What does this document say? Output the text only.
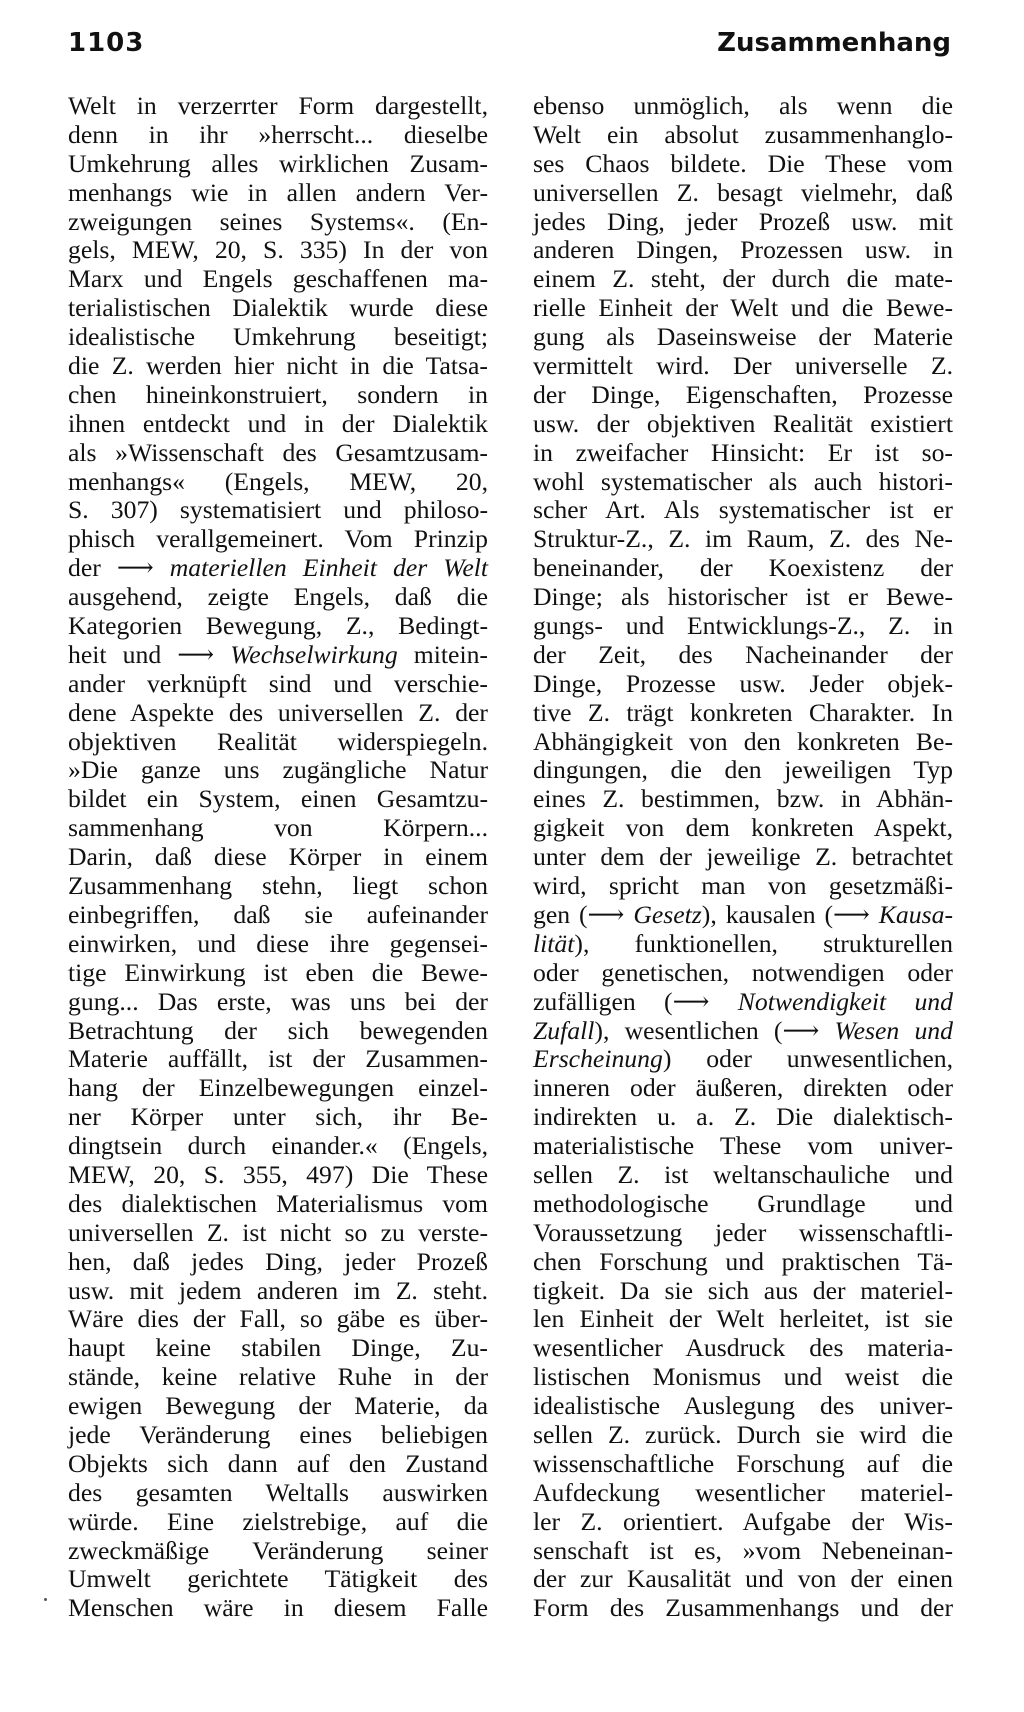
1103	Zusammenhang
Welt in verzerrter Form dargestellt,
denn in ihr »herrscht... dieselbe
Umkehrung alles wirklichen Zusam-
menhangs wie in allen andern Ver-
zweigungen seines Systems«. (En-
gels, MEW, 20, S. 335) In der von
Marx und Engels geschaffenen ma-
terialistischen Dialektik wurde diese
idealistische Umkehrung beseitigt;
die Z. werden hier nicht in die Tatsa-
chen hineinkonstruiert, sondern in
ihnen entdeckt und in der Dialektik
als »Wissenschaft des Gesamtzusam-
menhangs« (Engels, MEW, 20,
S. 307) systematisiert und philoso-
phisch verallgemeinert. Vom Prinzip
der ⟶ materiellen Einheit der Welt
ausgehend, zeigte Engels, daß die
Kategorien Bewegung, Z., Bedingt-
heit und ⟶ Wechselwirkung mitein-
ander verknüpft sind und verschie-
dene Aspekte des universellen Z. der
objektiven Realität widerspiegeln.
»Die ganze uns zugängliche Natur
bildet ein System, einen Gesamtzu-
sammenhang von Körpern...
Darin, daß diese Körper in einem
Zusammenhang stehn, liegt schon
einbegriffen, daß sie aufeinander
einwirken, und diese ihre gegensei-
tige Einwirkung ist eben die Bewe-
gung... Das erste, was uns bei der
Betrachtung der sich bewegenden
Materie auffällt, ist der Zusammen-
hang der Einzelbewegungen einzel-
ner Körper unter sich, ihr Be-
dingtsein durch einander.« (Engels,
MEW, 20, S. 355, 497) Die These
des dialektischen Materialismus vom
universellen Z. ist nicht so zu verste-
hen, daß jedes Ding, jeder Prozeß
usw. mit jedem anderen im Z. steht.
Wäre dies der Fall, so gäbe es über-
haupt keine stabilen Dinge, Zu-
stände, keine relative Ruhe in der
ewigen Bewegung der Materie, da
jede Veränderung eines beliebigen
Objekts sich dann auf den Zustand
des gesamten Weltalls auswirken
würde. Eine zielstrebige, auf die
zweckmäßige Veränderung seiner
Umwelt gerichtete Tätigkeit des
Menschen wäre in diesem Falle
ebenso unmöglich, als wenn die
Welt ein absolut zusammenhanglo-
ses Chaos bildete. Die These vom
universellen Z. besagt vielmehr, daß
jedes Ding, jeder Prozeß usw. mit
anderen Dingen, Prozessen usw. in
einem Z. steht, der durch die mate-
rielle Einheit der Welt und die Bewe-
gung als Daseinsweise der Materie
vermittelt wird. Der universelle Z.
der Dinge, Eigenschaften, Prozesse
usw. der objektiven Realität existiert
in zweifacher Hinsicht: Er ist so-
wohl systematischer als auch histori-
scher Art. Als systematischer ist er
Struktur-Z., Z. im Raum, Z. des Ne-
beneinander, der Koexistenz der
Dinge; als historischer ist er Bewe-
gungs- und Entwicklungs-Z., Z. in
der Zeit, des Nacheinander der
Dinge, Prozesse usw. Jeder objek-
tive Z. trägt konkreten Charakter. In
Abhängigkeit von den konkreten Be-
dingungen, die den jeweiligen Typ
eines Z. bestimmen, bzw. in Abhän-
gigkeit von dem konkreten Aspekt,
unter dem der jeweilige Z. betrachtet
wird, spricht man von gesetzmäßi-
gen (⟶ Gesetz), kausalen (⟶ Kausa-
lität), funktionellen, strukturellen
oder genetischen, notwendigen oder
zufälligen (⟶ Notwendigkeit und
Zufall), wesentlichen (⟶ Wesen und
Erscheinung) oder unwesentlichen,
inneren oder äußeren, direkten oder
indirekten u. a. Z. Die dialektisch-
materialistische These vom univer-
sellen Z. ist weltanschauliche und
methodologische Grundlage und
Voraussetzung jeder wissenschaftli-
chen Forschung und praktischen Tä-
tigkeit. Da sie sich aus der materiel-
len Einheit der Welt herleitet, ist sie
wesentlicher Ausdruck des materia-
listischen Monismus und weist die
idealistische Auslegung des univer-
sellen Z. zurück. Durch sie wird die
wissenschaftliche Forschung auf die
Aufdeckung wesentlicher materiel-
ler Z. orientiert. Aufgabe der Wis-
senschaft ist es, »vom Nebeneinan-
der zur Kausalität und von der einen
Form des Zusammenhangs und der
